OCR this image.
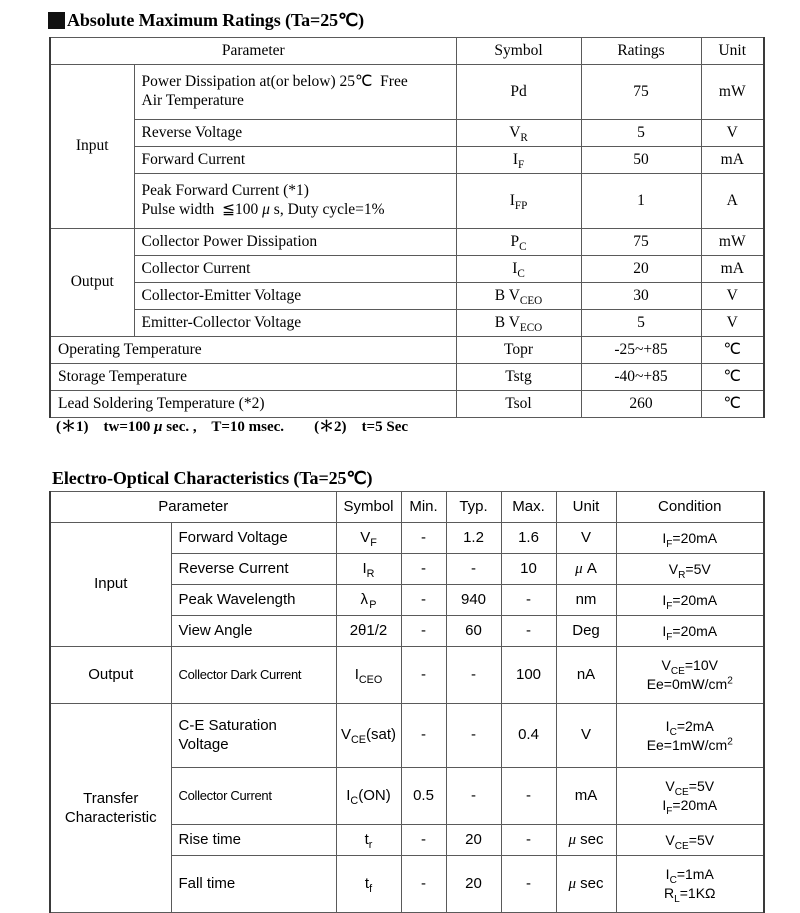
Absolute Maximum Ratings (Ta=25℃)
Parameter		Symbol	Ratings	Unit
Input	Power Dissipation at(or below) 25℃  Free
Air Temperature	Pd	75	mW
	Reverse Voltage	$V_R$	5	V
	Forward Current	$I_F$	50	mA
	Peak Forward Current (*1)
Pulse width  ≦100 μ s, Duty cycle=1%	$I_{FP}$	1	A
Output	Collector Power Dissipation	$P_C$	75	mW
	Collector Current	$I_C$	20	mA
	Collector-Emitter Voltage	B $V_{CEO}$	30	V
	Emitter-Collector Voltage	B $V_{ECO}$	5	V
Operating Temperature		Topr	-25~+85	℃
Storage Temperature		Tstg	-40~+85	℃
Lead Soldering Temperature (*2)		Tsol	260	℃
(＊1) tw=100 μ sec. ,    T=10 msec. (＊2) t=5 Sec
Electro-Optical Characteristics (Ta=25℃)
Parameter		Symbol	Min.	Typ.	Max.	Unit	Condition
Input	Forward Voltage	$V_F$	-	1.2	1.6	V	$I_F=20mA$
	Reverse Current	$I_R$	-	-	10	μ A	$V_R=5V$
	Peak Wavelength	λ $_P$	-	940	-	nm	$I_F=20mA$
	View Angle	2θ1/2	-	60	-	Deg	$I_F=20mA$
Output	Collector Dark Current	$I_{CEO}$	-	-	100	nA	$V_{CE}=10V$
$Ee=0mW/cm^2$
Transfer
Characteristic	C-E Saturation
Voltage	$V_{CE}(sat)$	-	-	0.4	V	$I_C=2mA$
$Ee=1mW/cm^2$
	Collector Current	$I_C(ON)$	0.5	-	-	mA	$V_{CE}=5V$
$I_F=20mA$
	Rise time	$t_r$	-	20	-	μ sec	$V_{CE}=5V$
	Fall time	$t_f$	-	20	-	μ sec	$I_C=1mA$
$R_L=1K\Omega$
